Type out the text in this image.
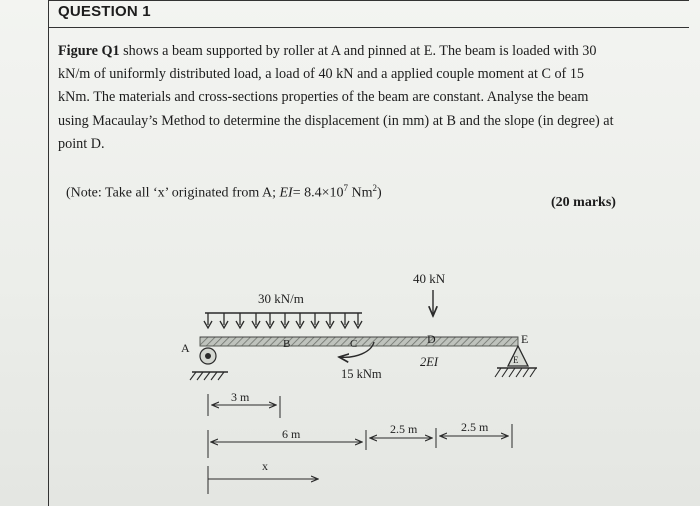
QUESTION 1
Figure Q1 shows a beam supported by roller at A and pinned at E. The beam is loaded with 30 kN/m of uniformly distributed load, a load of 40 kN and a applied couple moment at C of 15 kNm. The materials and cross-sections properties of the beam are constant. Analyse the beam using Macaulay’s Method to determine the displacement (in mm) at B and the slope (in degree) at point D.
(Note: Take all ‘x’ originated from A; $EI= 8.4\times 10^7$ Nm$^2$)
(20 marks)
30 kN/m
A	B	C	D	E
40 kN
15 kNm
2EI	E
3 m
6 m	2.5 m	2.5 m
x
